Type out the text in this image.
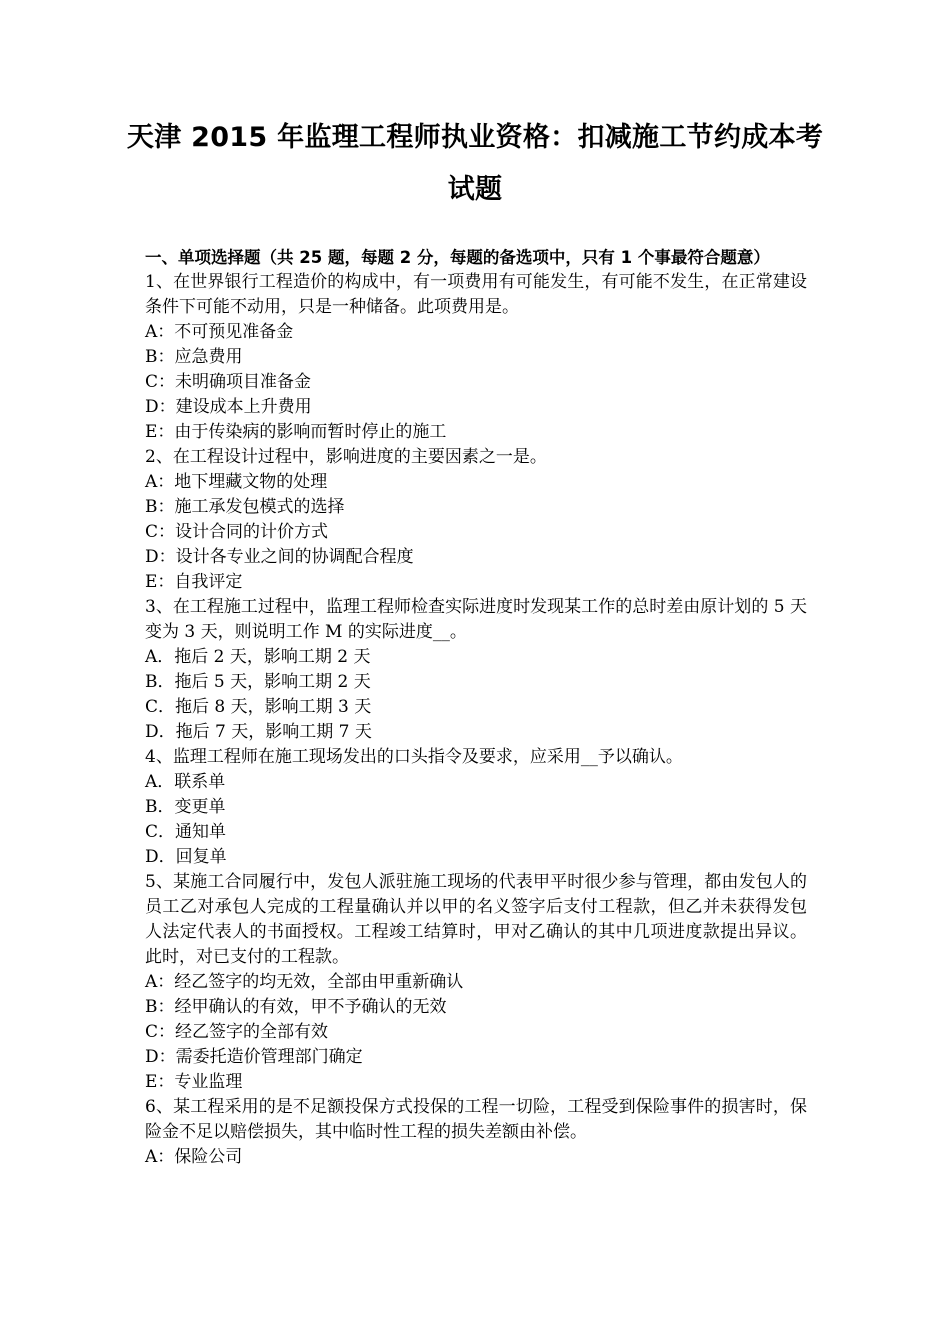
天津 2015 年监理工程师执业资格：扣减施工节约成本考试题
一、单项选择题（共 25 题，每题 2 分，每题的备选项中，只有 1 个事最符合题意）

1、在世界银行工程造价的构成中，有一项费用有可能发生，有可能不发生，在正常建设条件下可能不动用，只是一种储备。此项费用是。

A：不可预见准备金

B：应急费用

C：未明确项目准备金

D：建设成本上升费用

E：由于传染病的影响而暂时停止的施工

2、在工程设计过程中，影响进度的主要因素之一是。

A：地下埋藏文物的处理

B：施工承发包模式的选择

C：设计合同的计价方式

D：设计各专业之间的协调配合程度

E：自我评定

3、在工程施工过程中，监理工程师检查实际进度时发现某工作的总时差由原计划的 5 天变为 3 天，则说明工作 M 的实际进度__。

A．拖后 2 天，影响工期 2 天

B．拖后 5 天，影响工期 2 天

C．拖后 8 天，影响工期 3 天

D．拖后 7 天，影响工期 7 天

4、监理工程师在施工现场发出的口头指令及要求，应采用__予以确认。

A．联系单

B．变更单

C．通知单

D．回复单

5、某施工合同履行中，发包人派驻施工现场的代表甲平时很少参与管理，都由发包人的员工乙对承包人完成的工程量确认并以甲的名义签字后支付工程款，但乙并未获得发包人法定代表人的书面授权。工程竣工结算时，甲对乙确认的其中几项进度款提出异议。此时，对已支付的工程款。

A：经乙签字的均无效，全部由甲重新确认

B：经甲确认的有效，甲不予确认的无效

C：经乙签字的全部有效

D：需委托造价管理部门确定

E：专业监理

6、某工程采用的是不足额投保方式投保的工程一切险，工程受到保险事件的损害时，保险金不足以赔偿损失，其中临时性工程的损失差额由补偿。

A：保险公司
